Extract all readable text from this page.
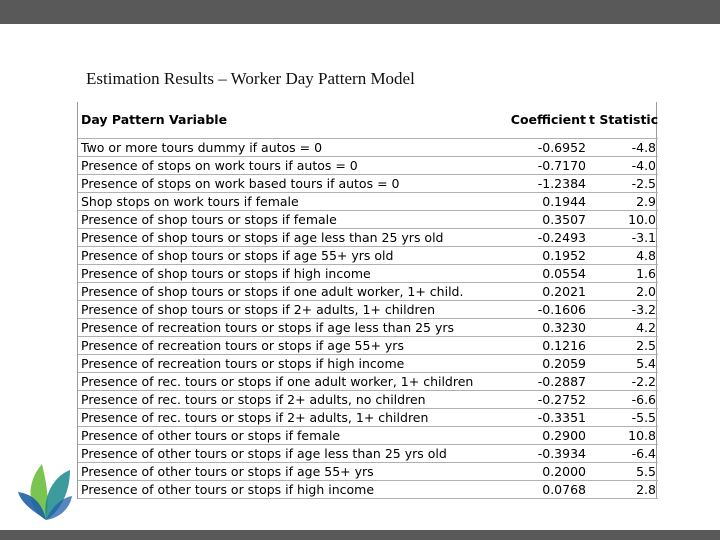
Estimation Results – Worker Day Pattern Model
Day Pattern Variable	Coefficient	t Statistic
Two or more tours dummy if autos = 0	-0.6952	-4.8
Presence of stops on work tours if autos = 0	-0.7170	-4.0
Presence of stops on work based tours if autos = 0	-1.2384	-2.5
Shop stops on work tours if female	0.1944	2.9
Presence of shop tours or stops if female	0.3507	10.0
Presence of shop tours or stops if age less than 25 yrs old	-0.2493	-3.1
Presence of shop tours or stops if age 55+ yrs old	0.1952	4.8
Presence of shop tours or stops if high income	0.0554	1.6
Presence of shop tours or stops if one adult worker, 1+ child.	0.2021	2.0
Presence of shop tours or stops if 2+ adults, 1+ children	-0.1606	-3.2
Presence of recreation tours or stops if age less than 25 yrs	0.3230	4.2
Presence of recreation tours or stops if age 55+ yrs	0.1216	2.5
Presence of recreation tours or stops if high income	0.2059	5.4
Presence of rec. tours or stops if one adult worker, 1+ children	-0.2887	-2.2
Presence of rec. tours or stops if 2+ adults, no children	-0.2752	-6.6
Presence of rec. tours or stops if 2+ adults, 1+ children	-0.3351	-5.5
Presence of other tours or stops if female	0.2900	10.8
Presence of other tours or stops if age less than 25 yrs old	-0.3934	-6.4
Presence of other tours or stops if age 55+ yrs	0.2000	5.5
Presence of other tours or stops if high income	0.0768	2.8
